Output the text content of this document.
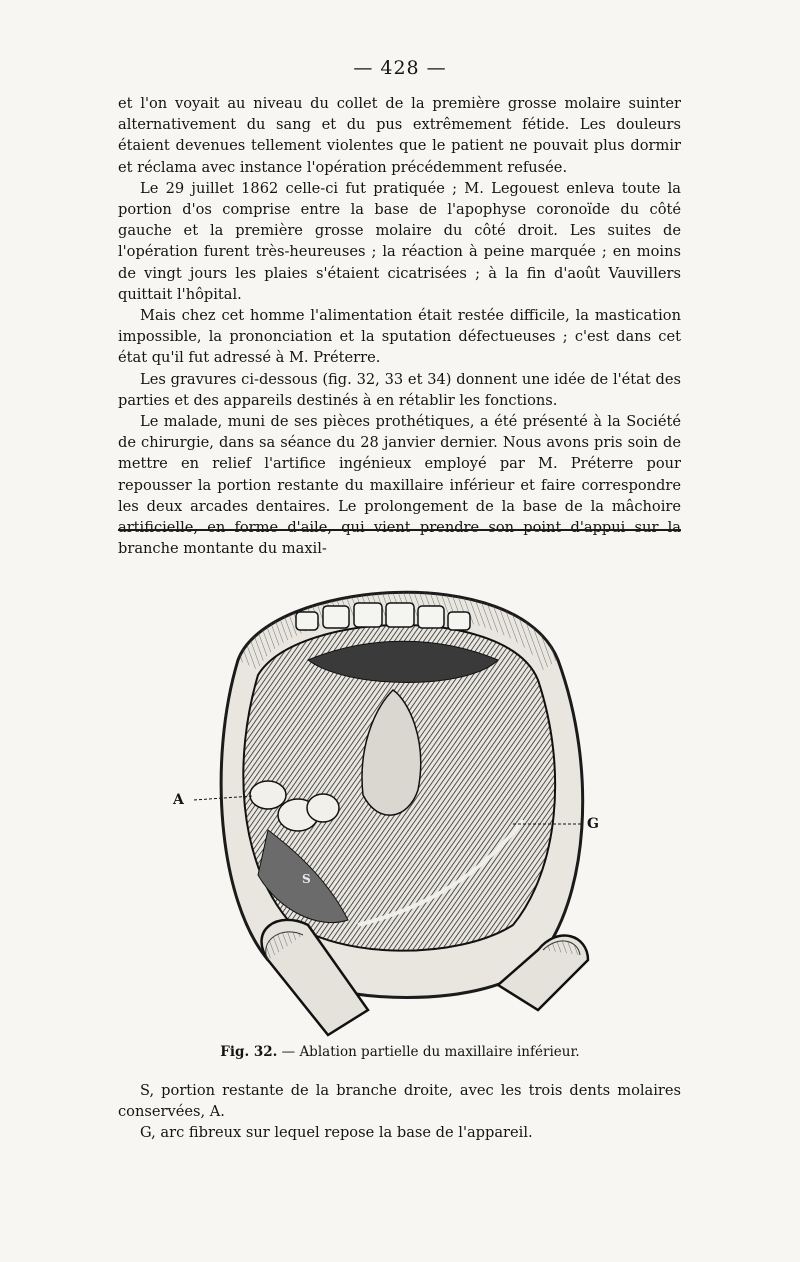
— 428 —

et l'on voyait au niveau du collet de la première grosse molaire suinter alternativement du sang et du pus extrêmement fétide. Les douleurs étaient devenues tellement violentes que le patient ne pouvait plus dormir et réclama avec instance l'opération précédemment refusée.

Le 29 juillet 1862 celle-ci fut pratiquée ; M. Legouest enleva toute la portion d'os comprise entre la base de l'apophyse coronoïde du côté gauche et la première grosse molaire du côté droit. Les suites de l'opération furent très-heureuses ; la réaction à peine marquée ; en moins de vingt jours les plaies s'étaient cicatrisées ; à la fin d'août Vauvillers quittait l'hôpital.

Mais chez cet homme l'alimentation était restée difficile, la mastication impossible, la prononciation et la sputation défectueuses ; c'est dans cet état qu'il fut adressé à M. Préterre.

Les gravures ci-dessous (fig. 32, 33 et 34) donnent une idée de l'état des parties et des appareils destinés à en rétablir les fonctions.

Le malade, muni de ses pièces prothétiques, a été présenté à la Société de chirurgie, dans sa séance du 28 janvier dernier. Nous avons pris soin de mettre en relief l'artifice ingénieux employé par M. Préterre pour repousser la portion restante du maxillaire inférieur et faire correspondre les deux arcades dentaires. Le prolongement de la base de la mâchoire artificielle, en forme d'aile, qui vient prendre son point d'appui sur la branche montante du maxil-

A
G
S
Fig. 32. — Ablation partielle du maxillaire inférieur.

S, portion restante de la branche droite, avec les trois dents molaires conservées, A.

G, arc fibreux sur lequel repose la base de l'appareil.
